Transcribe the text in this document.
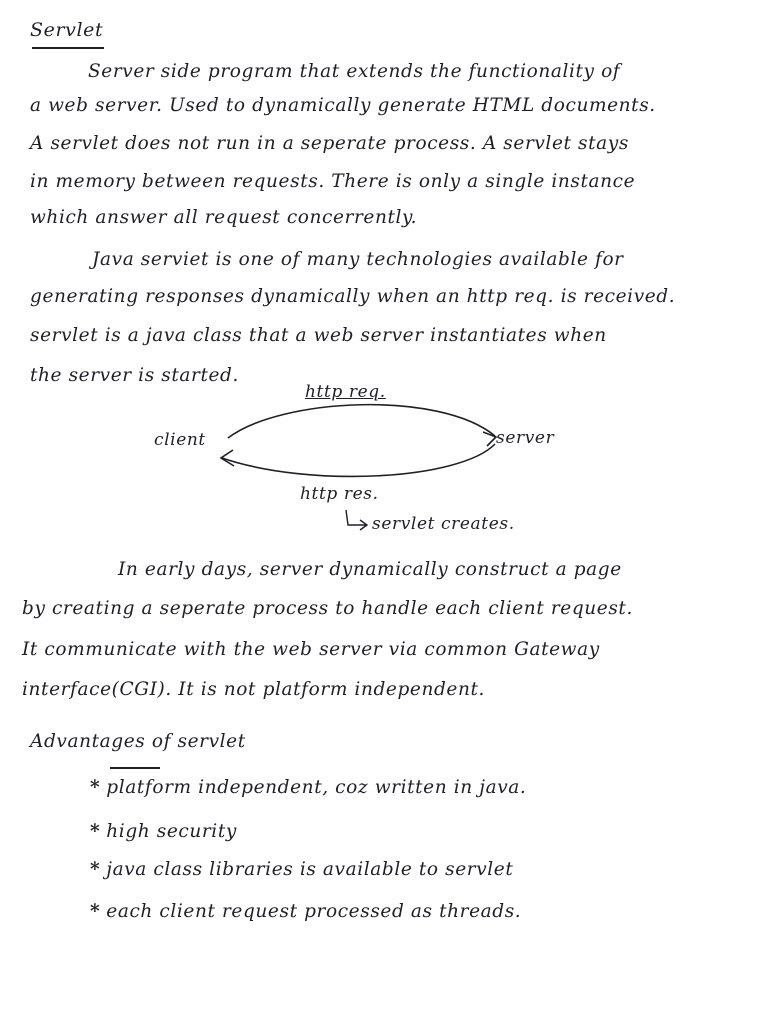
Servlet
Server side program that extends the functionality of
a web server. Used to dynamically generate HTML documents.
A servlet does not run in a seperate process. A servlet stays
in memory between requests. There is only a single instance
which answer all request concerrently.
Java serviet is one of many technologies available for
generating responses dynamically when an http req. is received.
servlet is a java class that a web server instantiates when
the server is started.
http req.
client	server
http res.
servlet creates.
In early days, server dynamically construct a page
by creating a seperate process to handle each client request.
It communicate with the web server via common Gateway
interface(CGI). It is not platform independent.
Advantages of servlet
* platform independent, coz written in java.
* high security
* java class libraries is available to servlet
* each client request processed as threads.
